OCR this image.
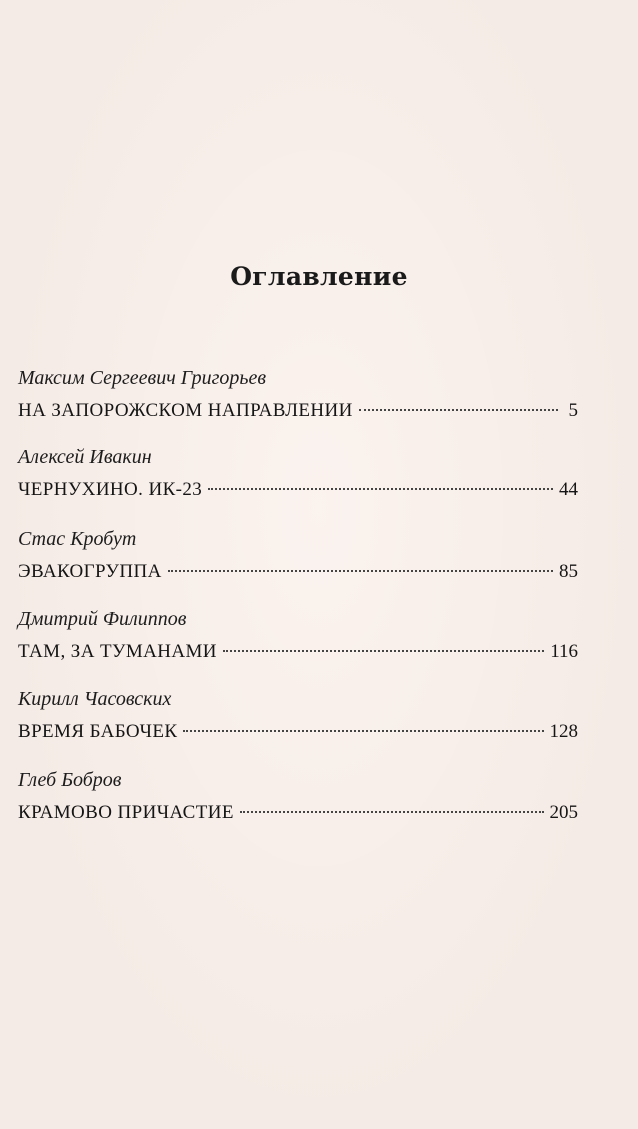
Оглавление
Максим Сергеевич Григорьев
НА ЗАПОРОЖСКОМ НАПРАВЛЕНИИ	5
Алексей Ивакин
ЧЕРНУХИНО. ИК-23	44
Стас Кробут
ЭВАКОГРУППА	85
Дмитрий Филиппов
ТАМ, ЗА ТУМАНАМИ	116
Кирилл Часовских
ВРЕМЯ БАБОЧЕК	128
Глеб Бобров
КРАМОВО ПРИЧАСТИЕ	205
